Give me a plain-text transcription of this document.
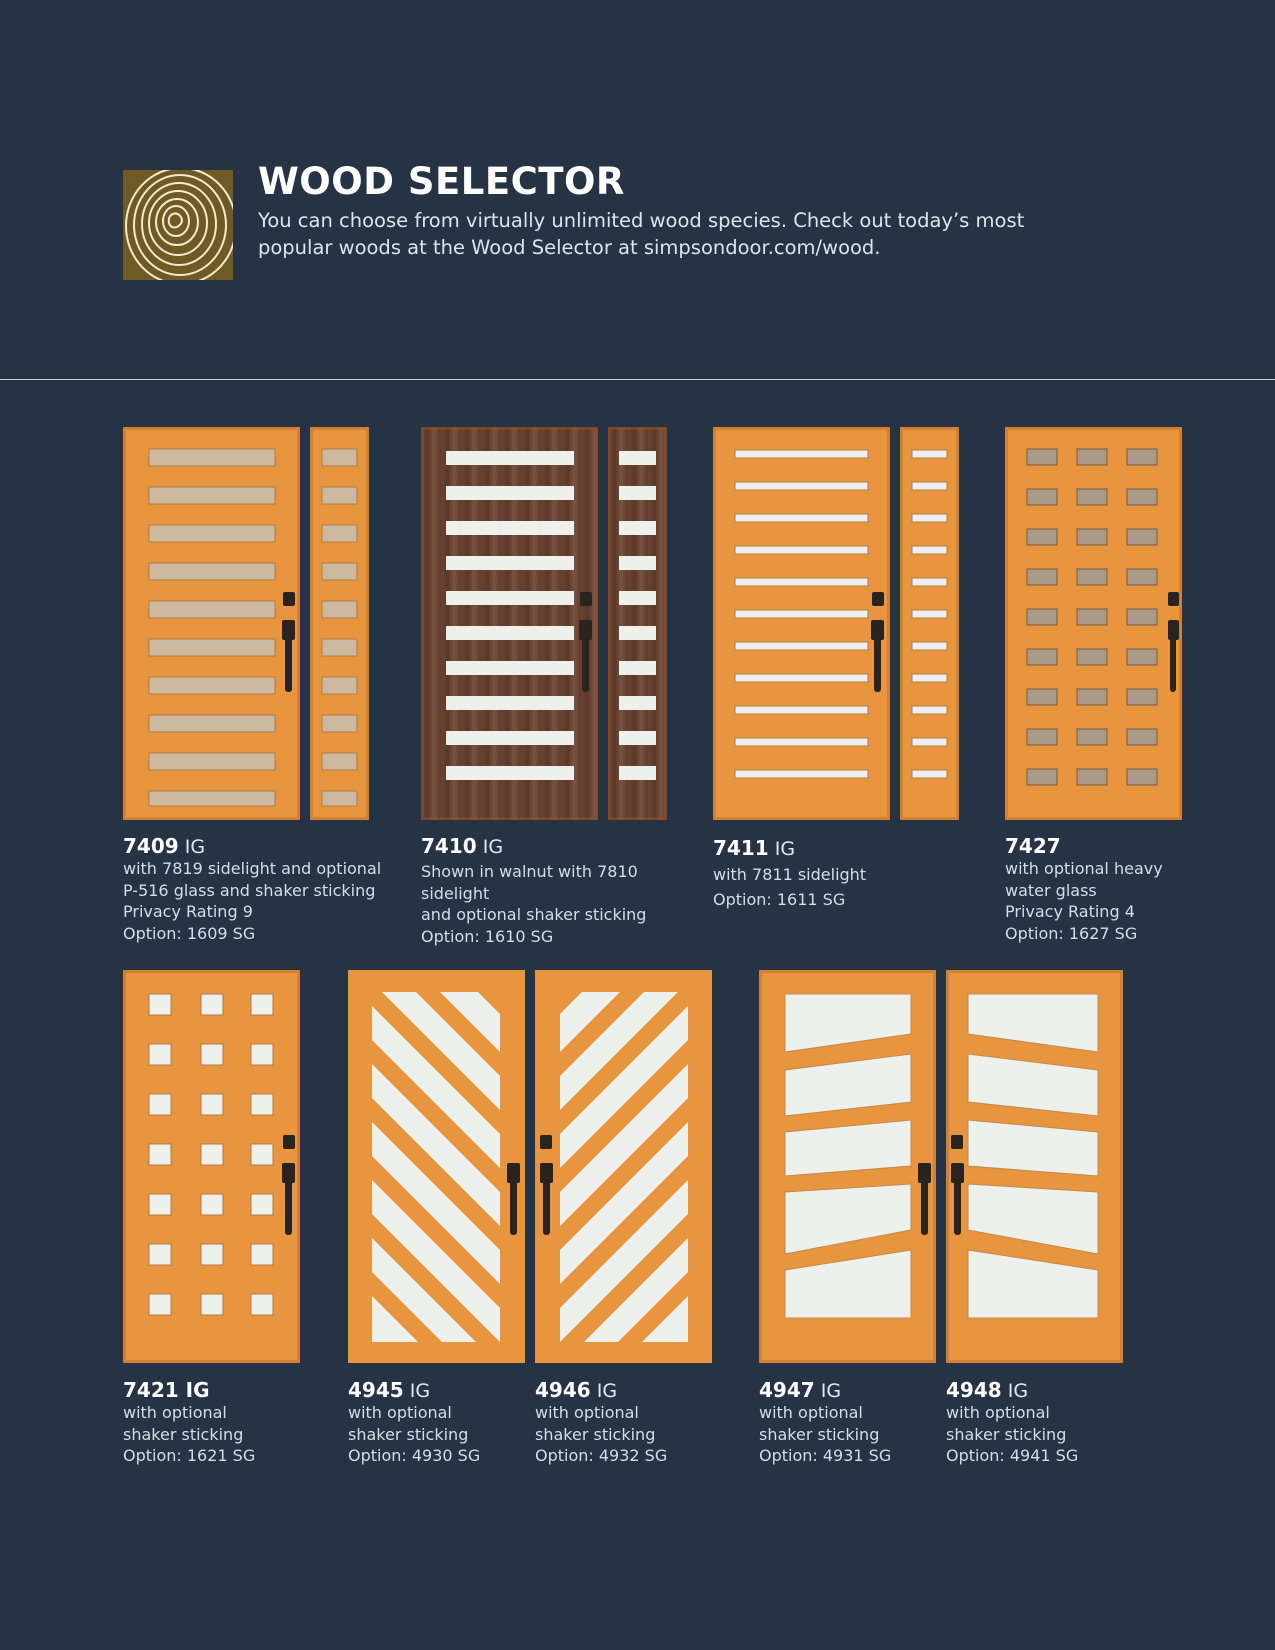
WOOD SELECTOR

You can choose from virtually unlimited wood species. Check out today’s most
popular woods at the Wood Selector at simpsondoor.com/wood.

7409 IG
with 7819 sidelight and optional
P-516 glass and shaker sticking
Privacy Rating 9
Option: 1609 SG
7410 IG
Shown in walnut with 7810 sidelight
and optional shaker sticking
Option: 1610 SG
7411 IG
with 7811 sidelight
Option: 1611 SG
7427
with optional heavy
water glass
Privacy Rating 4
Option: 1627 SG
7421 IG
with optional
shaker sticking
Option: 1621 SG
4945 IG
with optional
shaker sticking
Option: 4930 SG
4946 IG
with optional
shaker sticking
Option: 4932 SG
4947 IG
with optional
shaker sticking
Option: 4931 SG
4948 IG
with optional
shaker sticking
Option: 4941 SG
